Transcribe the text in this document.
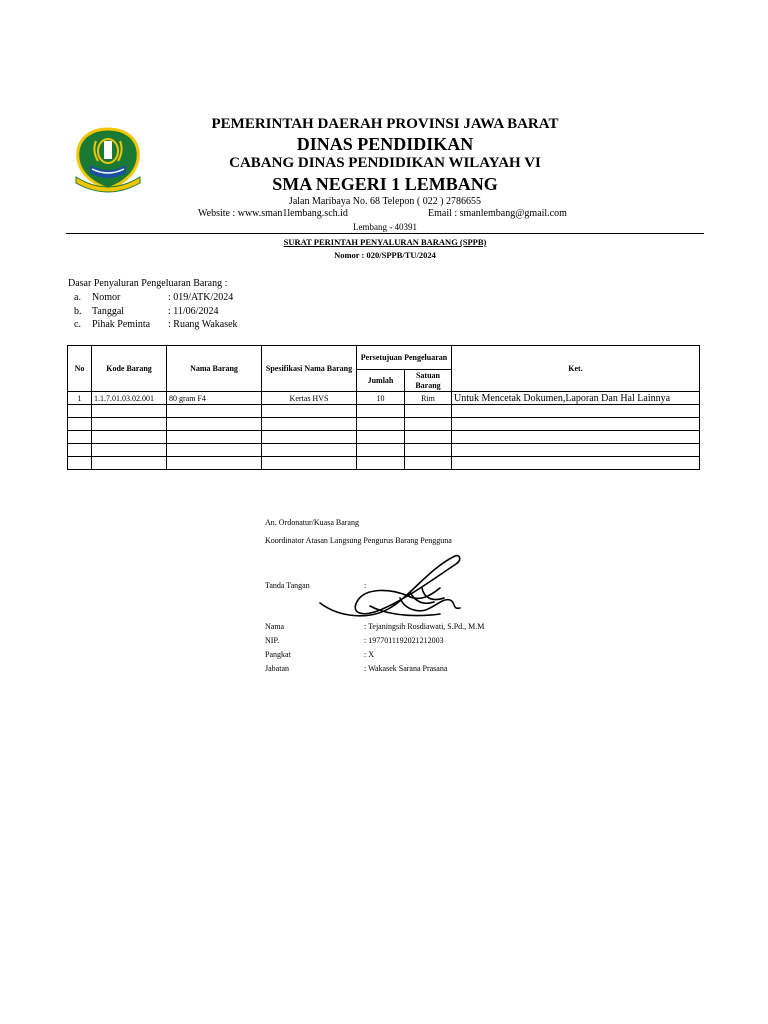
PEMERINTAH DAERAH PROVINSI JAWA BARAT
DINAS PENDIDIKAN
CABANG DINAS PENDIDIKAN WILAYAH VI
SMA NEGERI 1 LEMBANG
Jalan Maribaya No. 68 Telepon ( 022 ) 2786655
Website : www.sman1lembang.sch.id	Email : smanlembang@gmail.com
Lembang - 40391
SURAT PERINTAH PENYALURAN BARANG (SPPB)
Nomor : 020/SPPB/TU/2024
Dasar Penyaluran Pengeluaran Barang :
a. Nomor	: 019/ATK/2024
b. Tanggal	: 11/06/2024
c. Pihak Peminta : Ruang Wakasek
No	Kode Barang	Nama Barang	Spesifikasi Nama Barang	Persetujuan Pengeluaran		Ket.
				Jumlah	Satuan Barang	
1	1.1.7.01.03.02.001	80 gram F4	Kertas HVS	10	Rim	Untuk Mencetak Dokumen,Laporan Dan Hal Lainnya

An. Ordonatur/Kuasa Barang
Koordinator Atasan Langsung Pengurus Barang Pengguna
Tanda Tangan	:
Nama	: Tejaningsih Rosdiawati, S.Pd., M.M
NIP.	: 197701119202121200З
Pangkat	: X
Jabatan	: Wakasek Sarana Prasana
